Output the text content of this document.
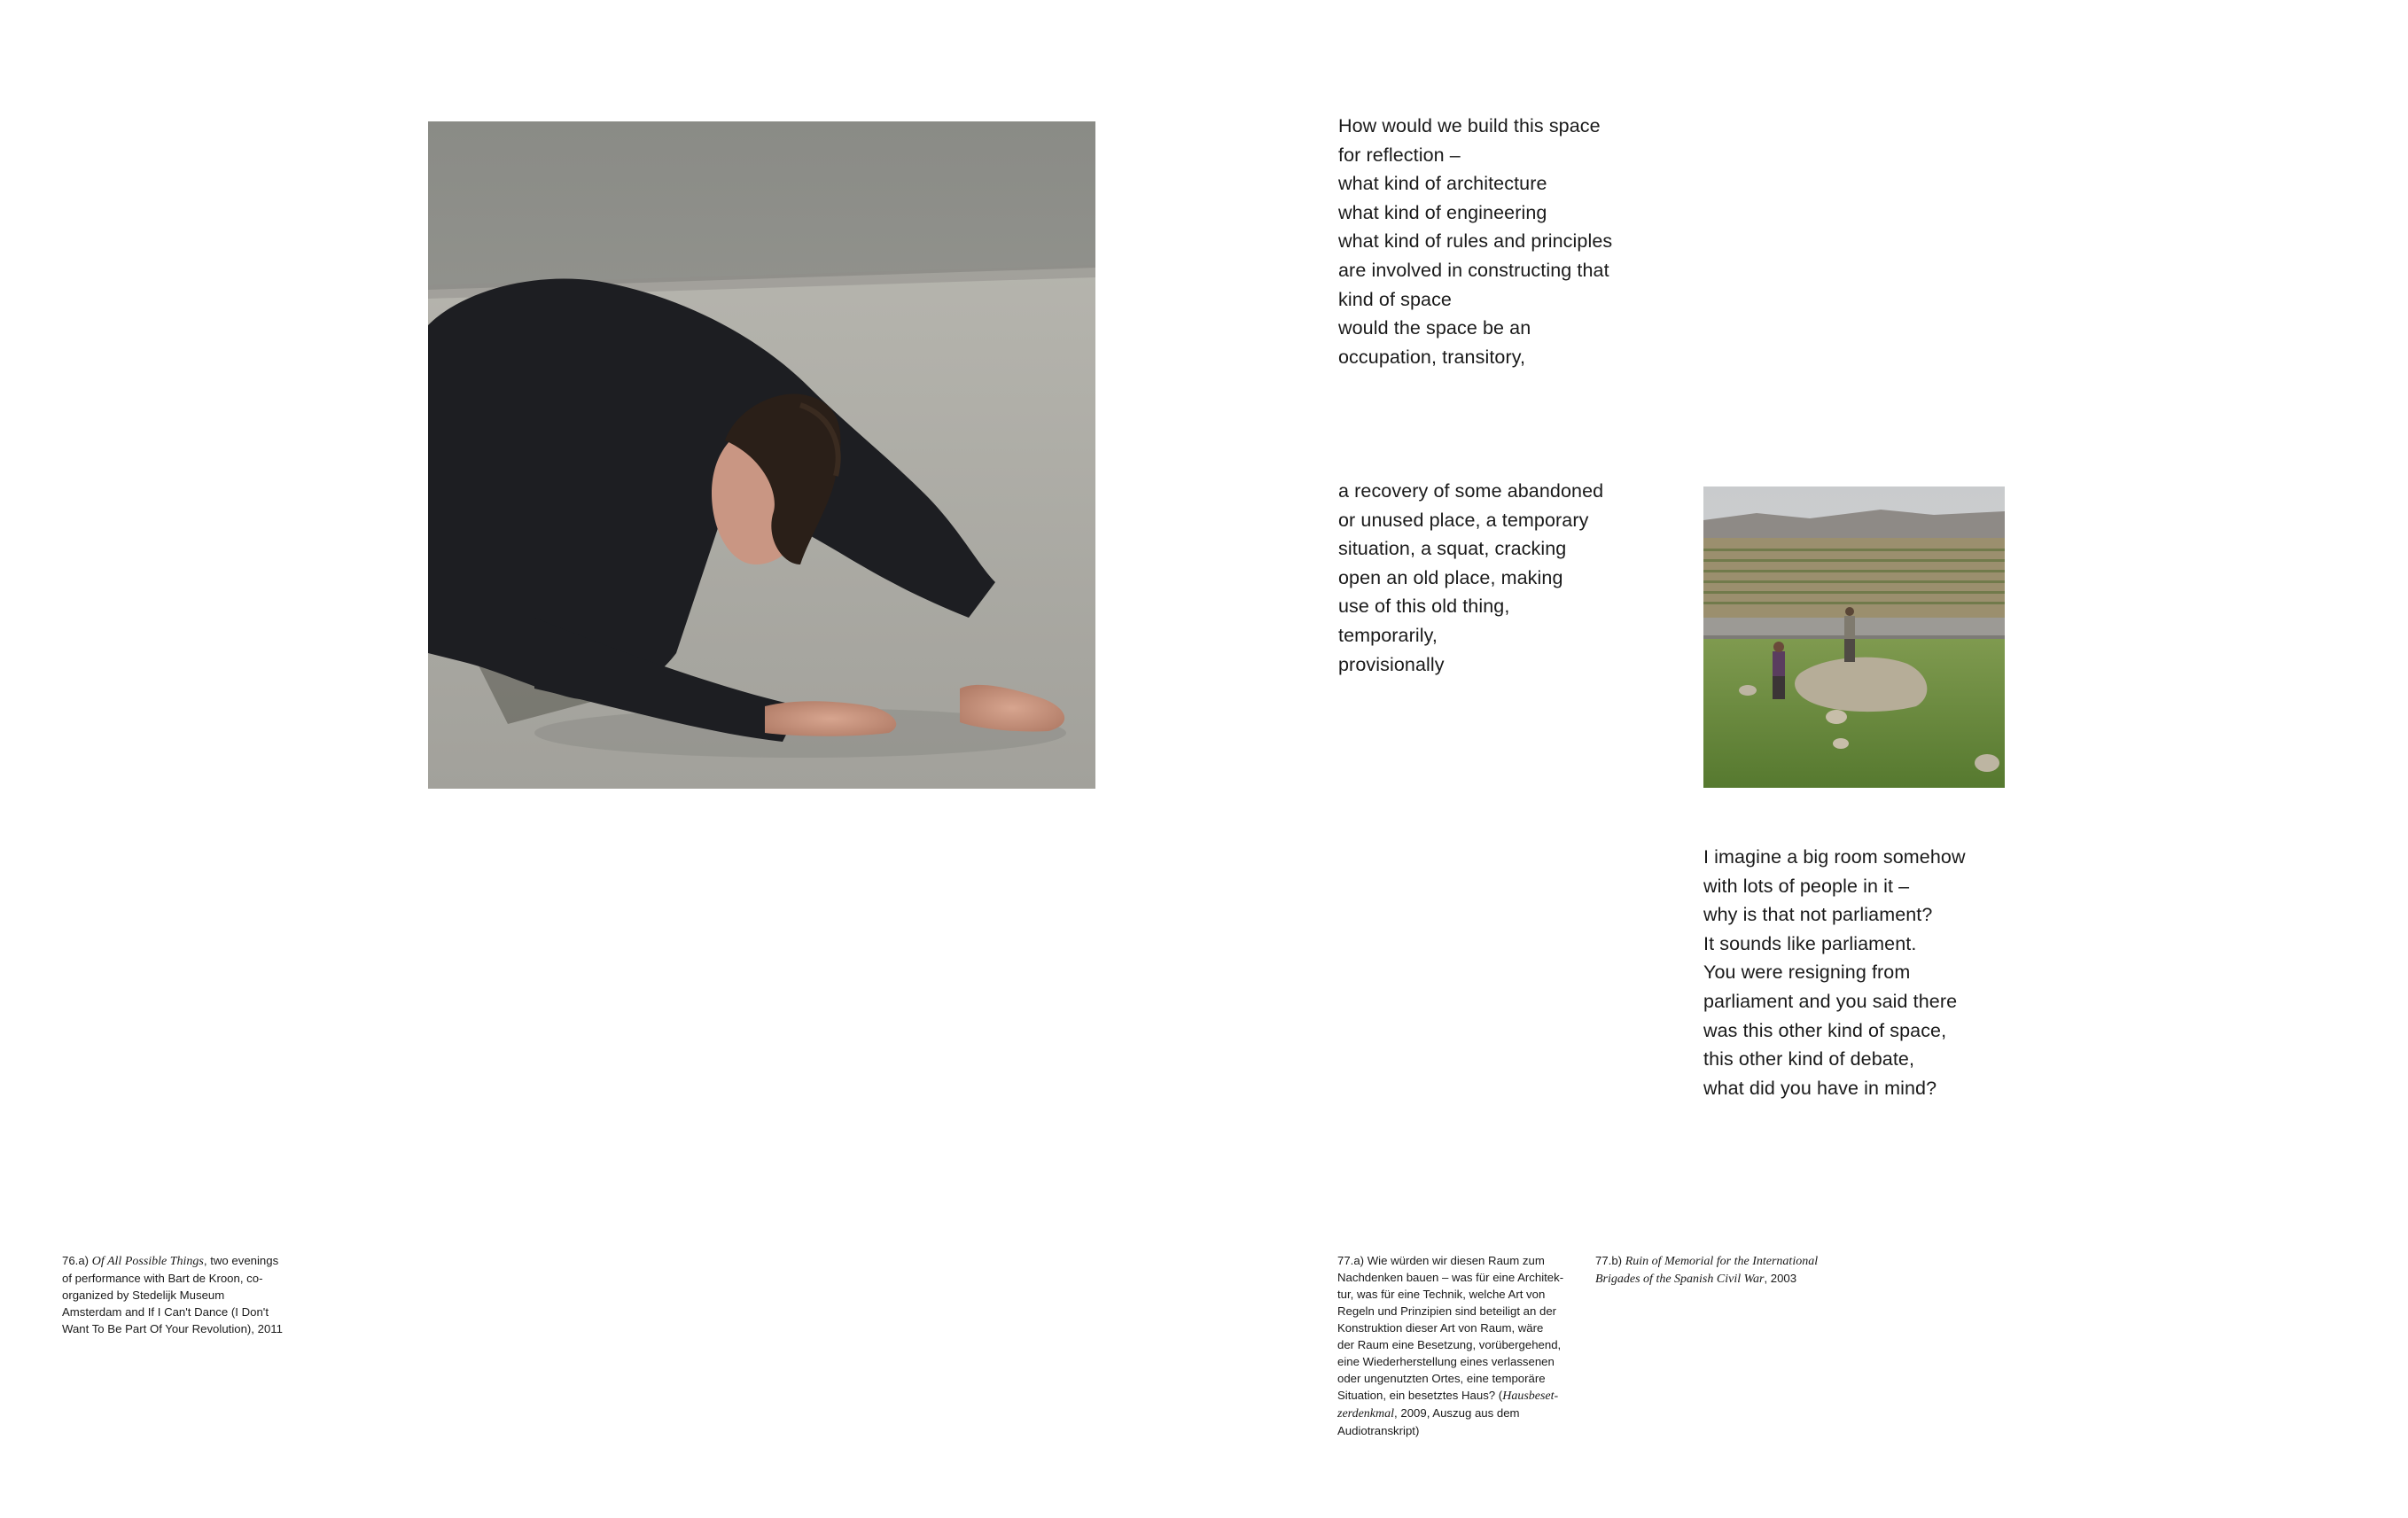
How would we build this space
for reflection –
what kind of architecture
what kind of engineering
what kind of rules and principles
are involved in constructing that
kind of space
would the space be an
occupation, transitory,
a recovery of some abandoned
or unused place, a temporary
situation, a squat, cracking
open an old place, making
use of this old thing,
temporarily,
provisionally
I imagine a big room somehow
with lots of people in it –
why is that not parliament?
It sounds like parliament.
You were resigning from
parliament and you said there
was this other kind of space,
this other kind of debate,
what did you have in mind?
76.a) Of All Possible Things, two evenings
of performance with Bart de Kroon, co-
organized by Stedelijk Museum
Amsterdam and If I Can't Dance (I Don't
Want To Be Part Of Your Revolution), 2011
77.a) Wie würden wir diesen Raum zum
Nachdenken bauen – was für eine Architek-
tur, was für eine Technik, welche Art von
Regeln und Prinzipien sind beteiligt an der
Konstruktion dieser Art von Raum, wäre
der Raum eine Besetzung, vorübergehend,
eine Wiederherstellung eines verlassenen
oder ungenutzten Ortes, eine temporäre
Situation, ein besetztes Haus? (Hausbeset-
zerdenkmal, 2009, Auszug aus dem
Audiotranskript)
77.b) Ruin of Memorial for the International
Brigades of the Spanish Civil War, 2003
